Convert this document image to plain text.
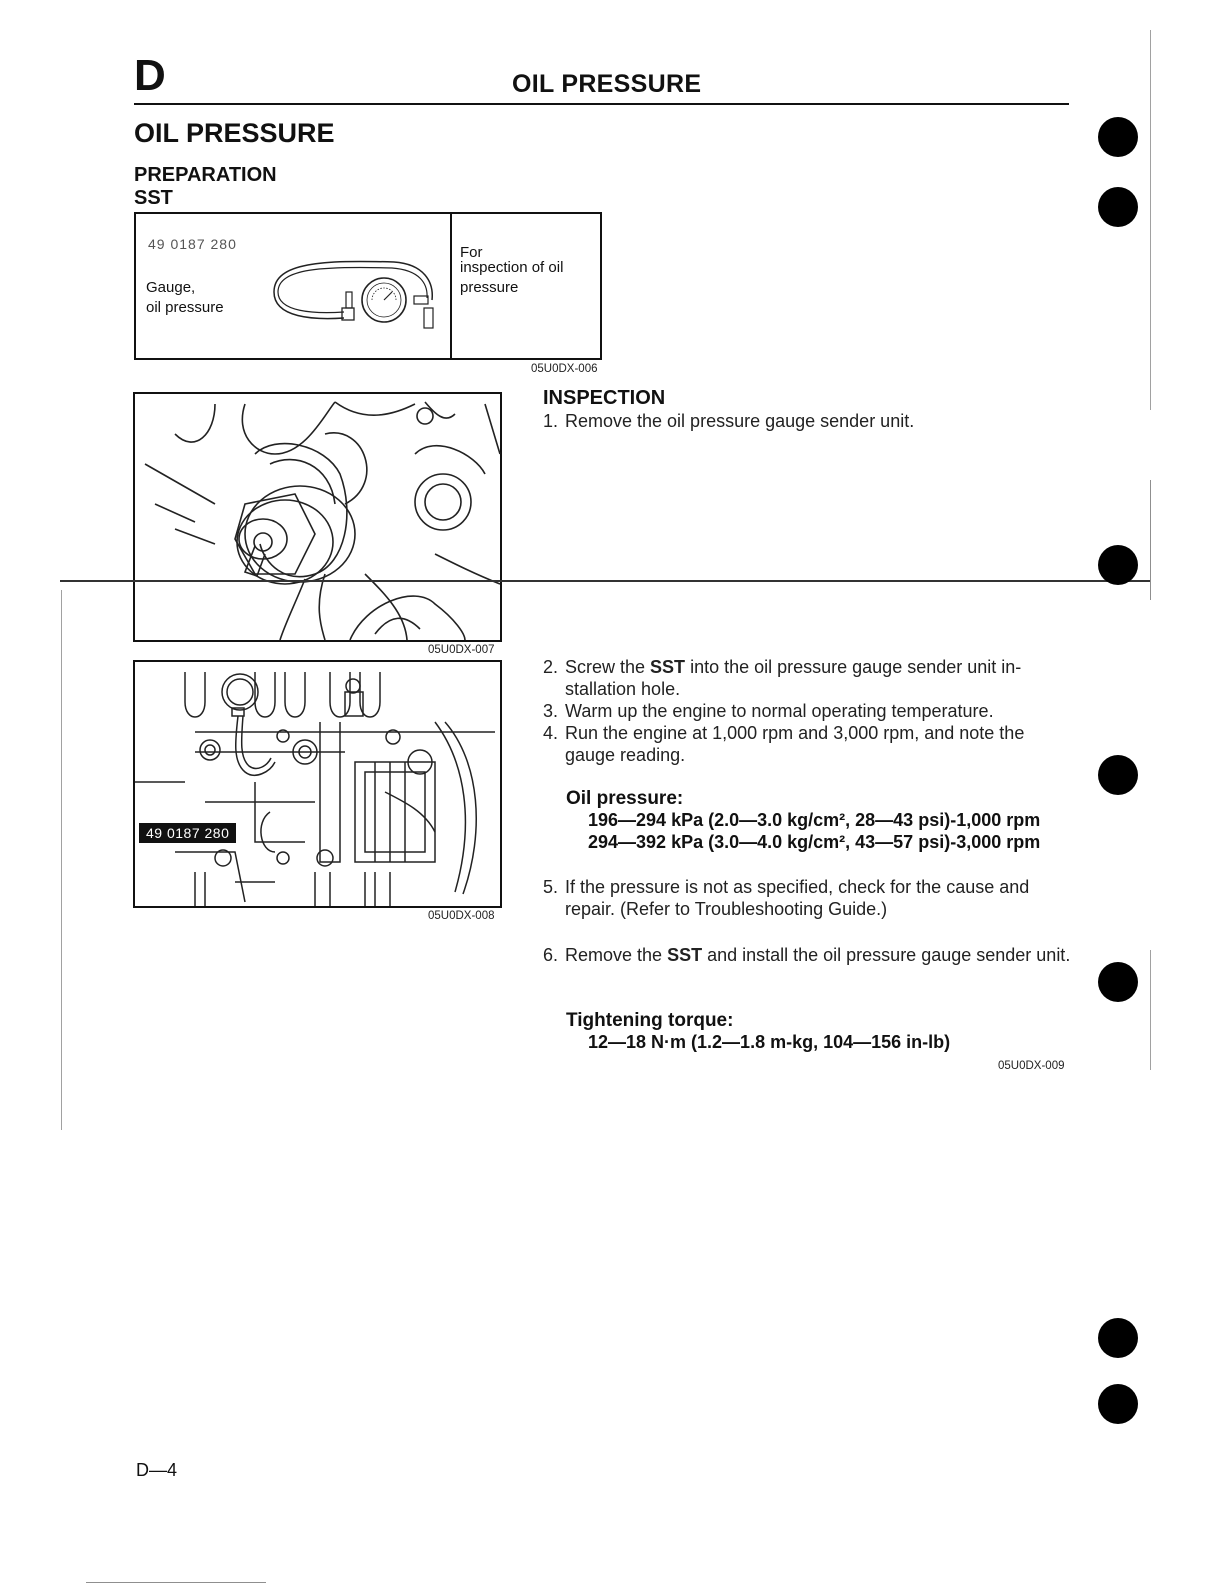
D	OIL PRESSURE
OIL PRESSURE
PREPARATION
SST
49 0187 280
Gauge,
oil pressure
For
inspection of oil
pressure
05U0DX-006
05U0DX-007
49 0187 280
05U0DX-008
INSPECTION
1. Remove the oil pressure gauge sender unit.
2. Screw the SST into the oil pressure gauge sender unit in-stallation hole.
3. Warm up the engine to normal operating temperature.
4. Run the engine at 1,000 rpm and 3,000 rpm, and note the gauge reading.
Oil pressure:
196—294 kPa (2.0—3.0 kg/cm², 28—43 psi)-1,000 rpm
294—392 kPa (3.0—4.0 kg/cm², 43—57 psi)-3,000 rpm
5. If the pressure is not as specified, check for the cause and repair. (Refer to Troubleshooting Guide.)
6. Remove the SST and install the oil pressure gauge sender unit.
Tightening torque:
12—18 N·m (1.2—1.8 m-kg, 104—156 in-lb)
05U0DX-009
D—4
